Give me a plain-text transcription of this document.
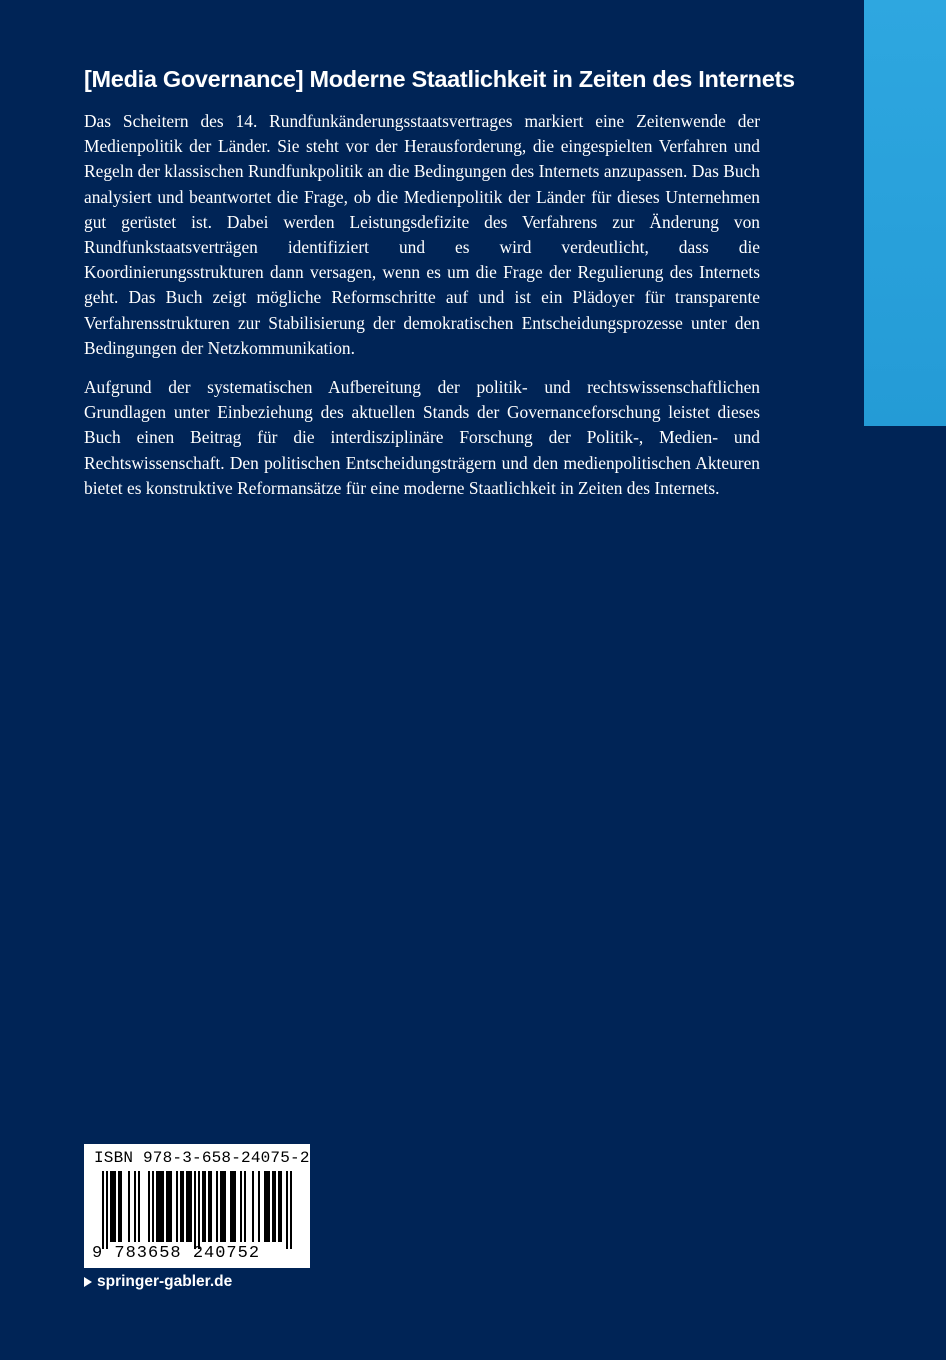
[Media Governance] Moderne Staatlichkeit in Zeiten des Internets

Das Scheitern des 14. Rundfunkänderungsstaatsvertrages markiert eine Zeitenwende der Medienpolitik der Länder. Sie steht vor der Herausforderung, die eingespielten Verfahren und Regeln der klassischen Rundfunkpolitik an die Bedingungen des Internets anzupassen. Das Buch analysiert und beantwortet die Frage, ob die Medienpolitik der Länder für dieses Unternehmen gut gerüstet ist. Dabei werden Leistungsdefizite des Verfahrens zur Änderung von Rundfunkstaatsverträgen identifiziert und es wird verdeutlicht, dass die Koordinierungsstrukturen dann versagen, wenn es um die Frage der Regulierung des Internets geht. Das Buch zeigt mögliche Reformschritte auf und ist ein Plädoyer für transparente Verfahrensstrukturen zur Stabilisierung der demokratischen Entscheidungsprozesse unter den Bedingungen der Netzkommunikation.

Aufgrund der systematischen Aufbereitung der politik- und rechtswissenschaftlichen Grundlagen unter Einbeziehung des aktuellen Stands der Governanceforschung leistet dieses Buch einen Beitrag für die interdisziplinäre Forschung der Politik-, Medien- und Rechtswissenschaft. Den politischen Entscheidungsträgern und den medienpolitischen Akteuren bietet es konstruktive Reformansätze für eine moderne Staatlichkeit in Zeiten des Internets.

ISBN 978-3-658-24075-2
9 783658 240752
springer-gabler.de
